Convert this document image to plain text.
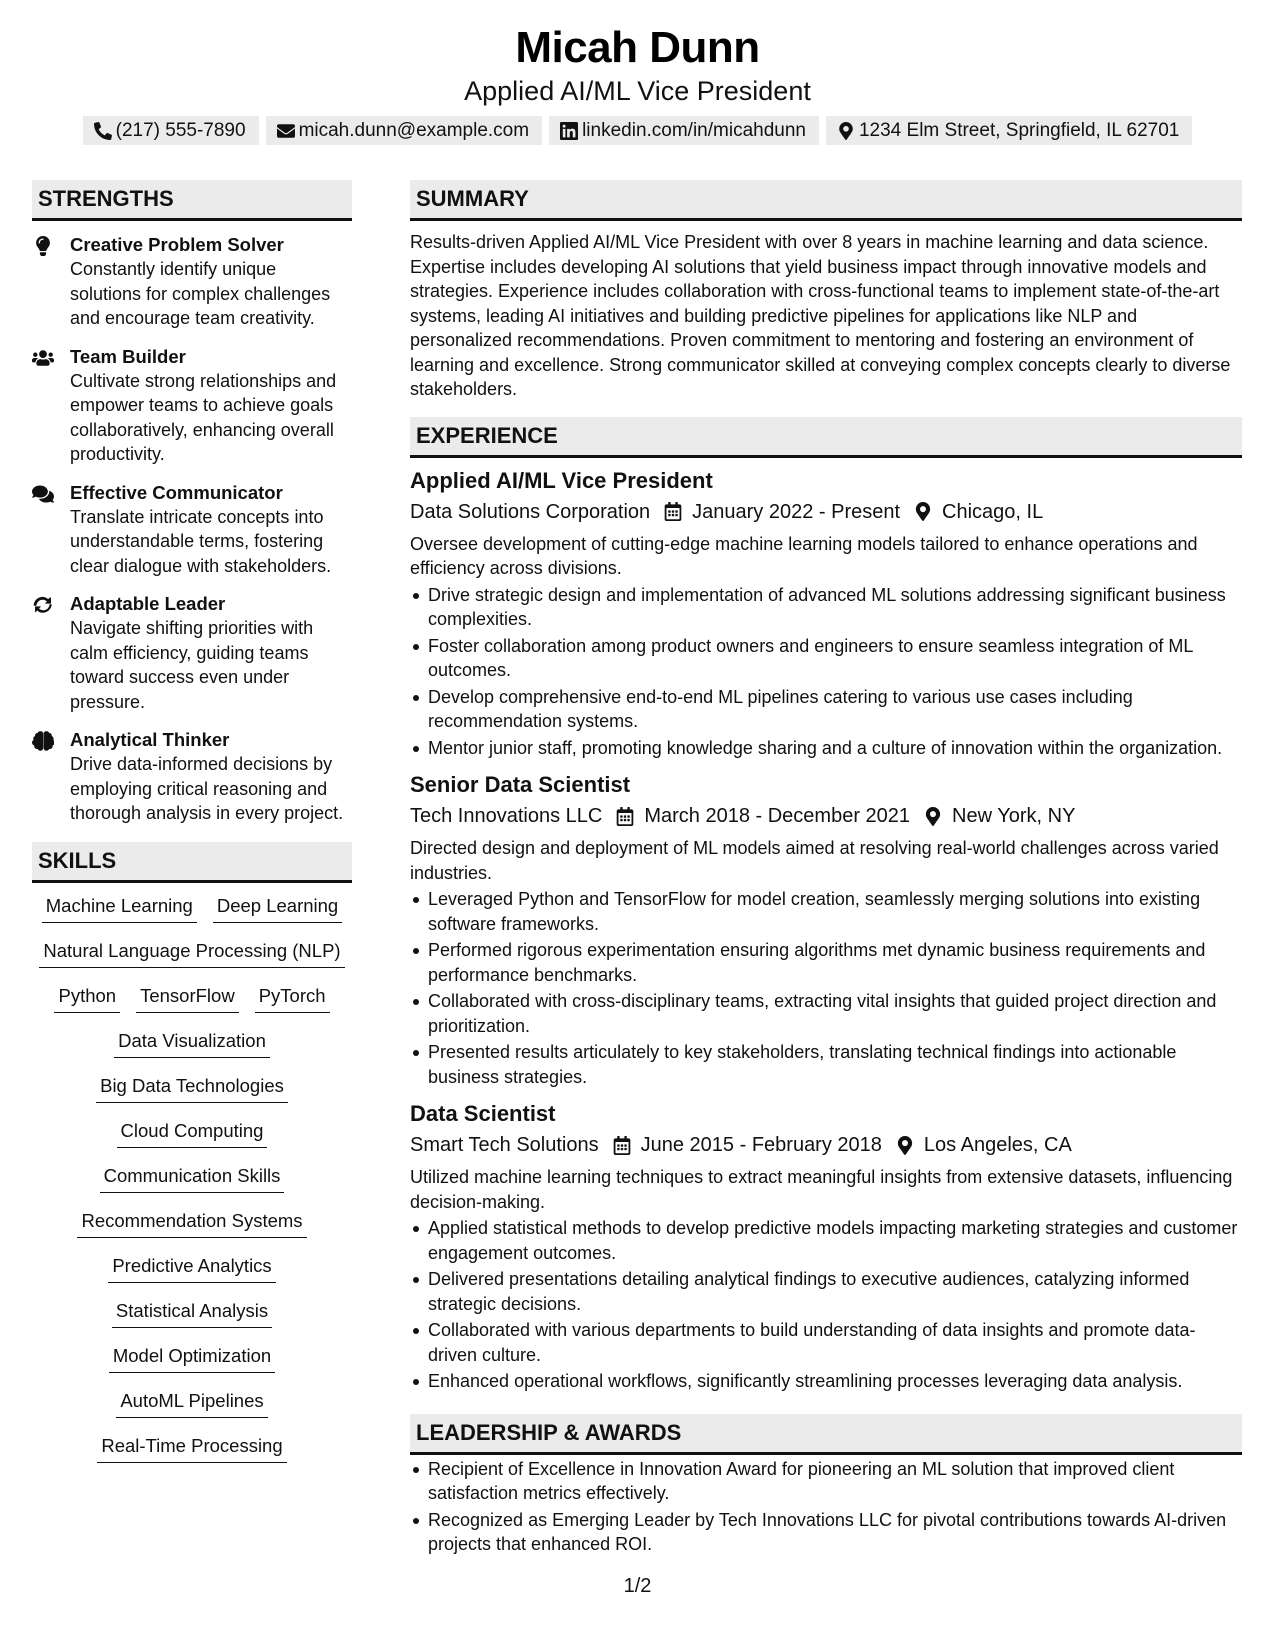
Micah Dunn
Applied AI/ML Vice President
(217) 555-7890	micah.dunn@example.com	linkedin.com/in/micahdunn	1234 Elm Street, Springfield, IL 62701
STRENGTHS
Creative Problem Solver
Constantly identify unique solutions for complex challenges and encourage team creativity.
Team Builder
Cultivate strong relationships and empower teams to achieve goals collaboratively, enhancing overall productivity.
Effective Communicator
Translate intricate concepts into understandable terms, fostering clear dialogue with stakeholders.
Adaptable Leader
Navigate shifting priorities with calm efficiency, guiding teams toward success even under pressure.
Analytical Thinker
Drive data-informed decisions by employing critical reasoning and thorough analysis in every project.
SKILLS
Machine Learning Deep Learning
Natural Language Processing (NLP)
Python TensorFlow PyTorch
Data Visualization
Big Data Technologies
Cloud Computing
Communication Skills
Recommendation Systems
Predictive Analytics
Statistical Analysis
Model Optimization
AutoML Pipelines
Real-Time Processing
SUMMARY
Results-driven Applied AI/ML Vice President with over 8 years in machine learning and data science. Expertise includes developing AI solutions that yield business impact through innovative models and strategies. Experience includes collaboration with cross-functional teams to implement state-of-the-art systems, leading AI initiatives and building predictive pipelines for applications like NLP and personalized recommendations. Proven commitment to mentoring and fostering an environment of learning and excellence. Strong communicator skilled at conveying complex concepts clearly to diverse stakeholders.
EXPERIENCE
Applied AI/ML Vice President
Data Solutions Corporation January 2022 - Present Chicago, IL
Oversee development of cutting-edge machine learning models tailored to enhance operations and efficiency across divisions.
Drive strategic design and implementation of advanced ML solutions addressing significant business complexities.
Foster collaboration among product owners and engineers to ensure seamless integration of ML outcomes.
Develop comprehensive end-to-end ML pipelines catering to various use cases including recommendation systems.
Mentor junior staff, promoting knowledge sharing and a culture of innovation within the organization.
Senior Data Scientist
Tech Innovations LLC March 2018 - December 2021 New York, NY
Directed design and deployment of ML models aimed at resolving real-world challenges across varied industries.
Leveraged Python and TensorFlow for model creation, seamlessly merging solutions into existing software frameworks.
Performed rigorous experimentation ensuring algorithms met dynamic business requirements and performance benchmarks.
Collaborated with cross-disciplinary teams, extracting vital insights that guided project direction and prioritization.
Presented results articulately to key stakeholders, translating technical findings into actionable business strategies.
Data Scientist
Smart Tech Solutions June 2015 - February 2018 Los Angeles, CA
Utilized machine learning techniques to extract meaningful insights from extensive datasets, influencing decision-making.
Applied statistical methods to develop predictive models impacting marketing strategies and customer engagement outcomes.
Delivered presentations detailing analytical findings to executive audiences, catalyzing informed strategic decisions.
Collaborated with various departments to build understanding of data insights and promote data-driven culture.
Enhanced operational workflows, significantly streamlining processes leveraging data analysis.
LEADERSHIP & AWARDS
Recipient of Excellence in Innovation Award for pioneering an ML solution that improved client satisfaction metrics effectively.
Recognized as Emerging Leader by Tech Innovations LLC for pivotal contributions towards AI-driven projects that enhanced ROI.
1/2
